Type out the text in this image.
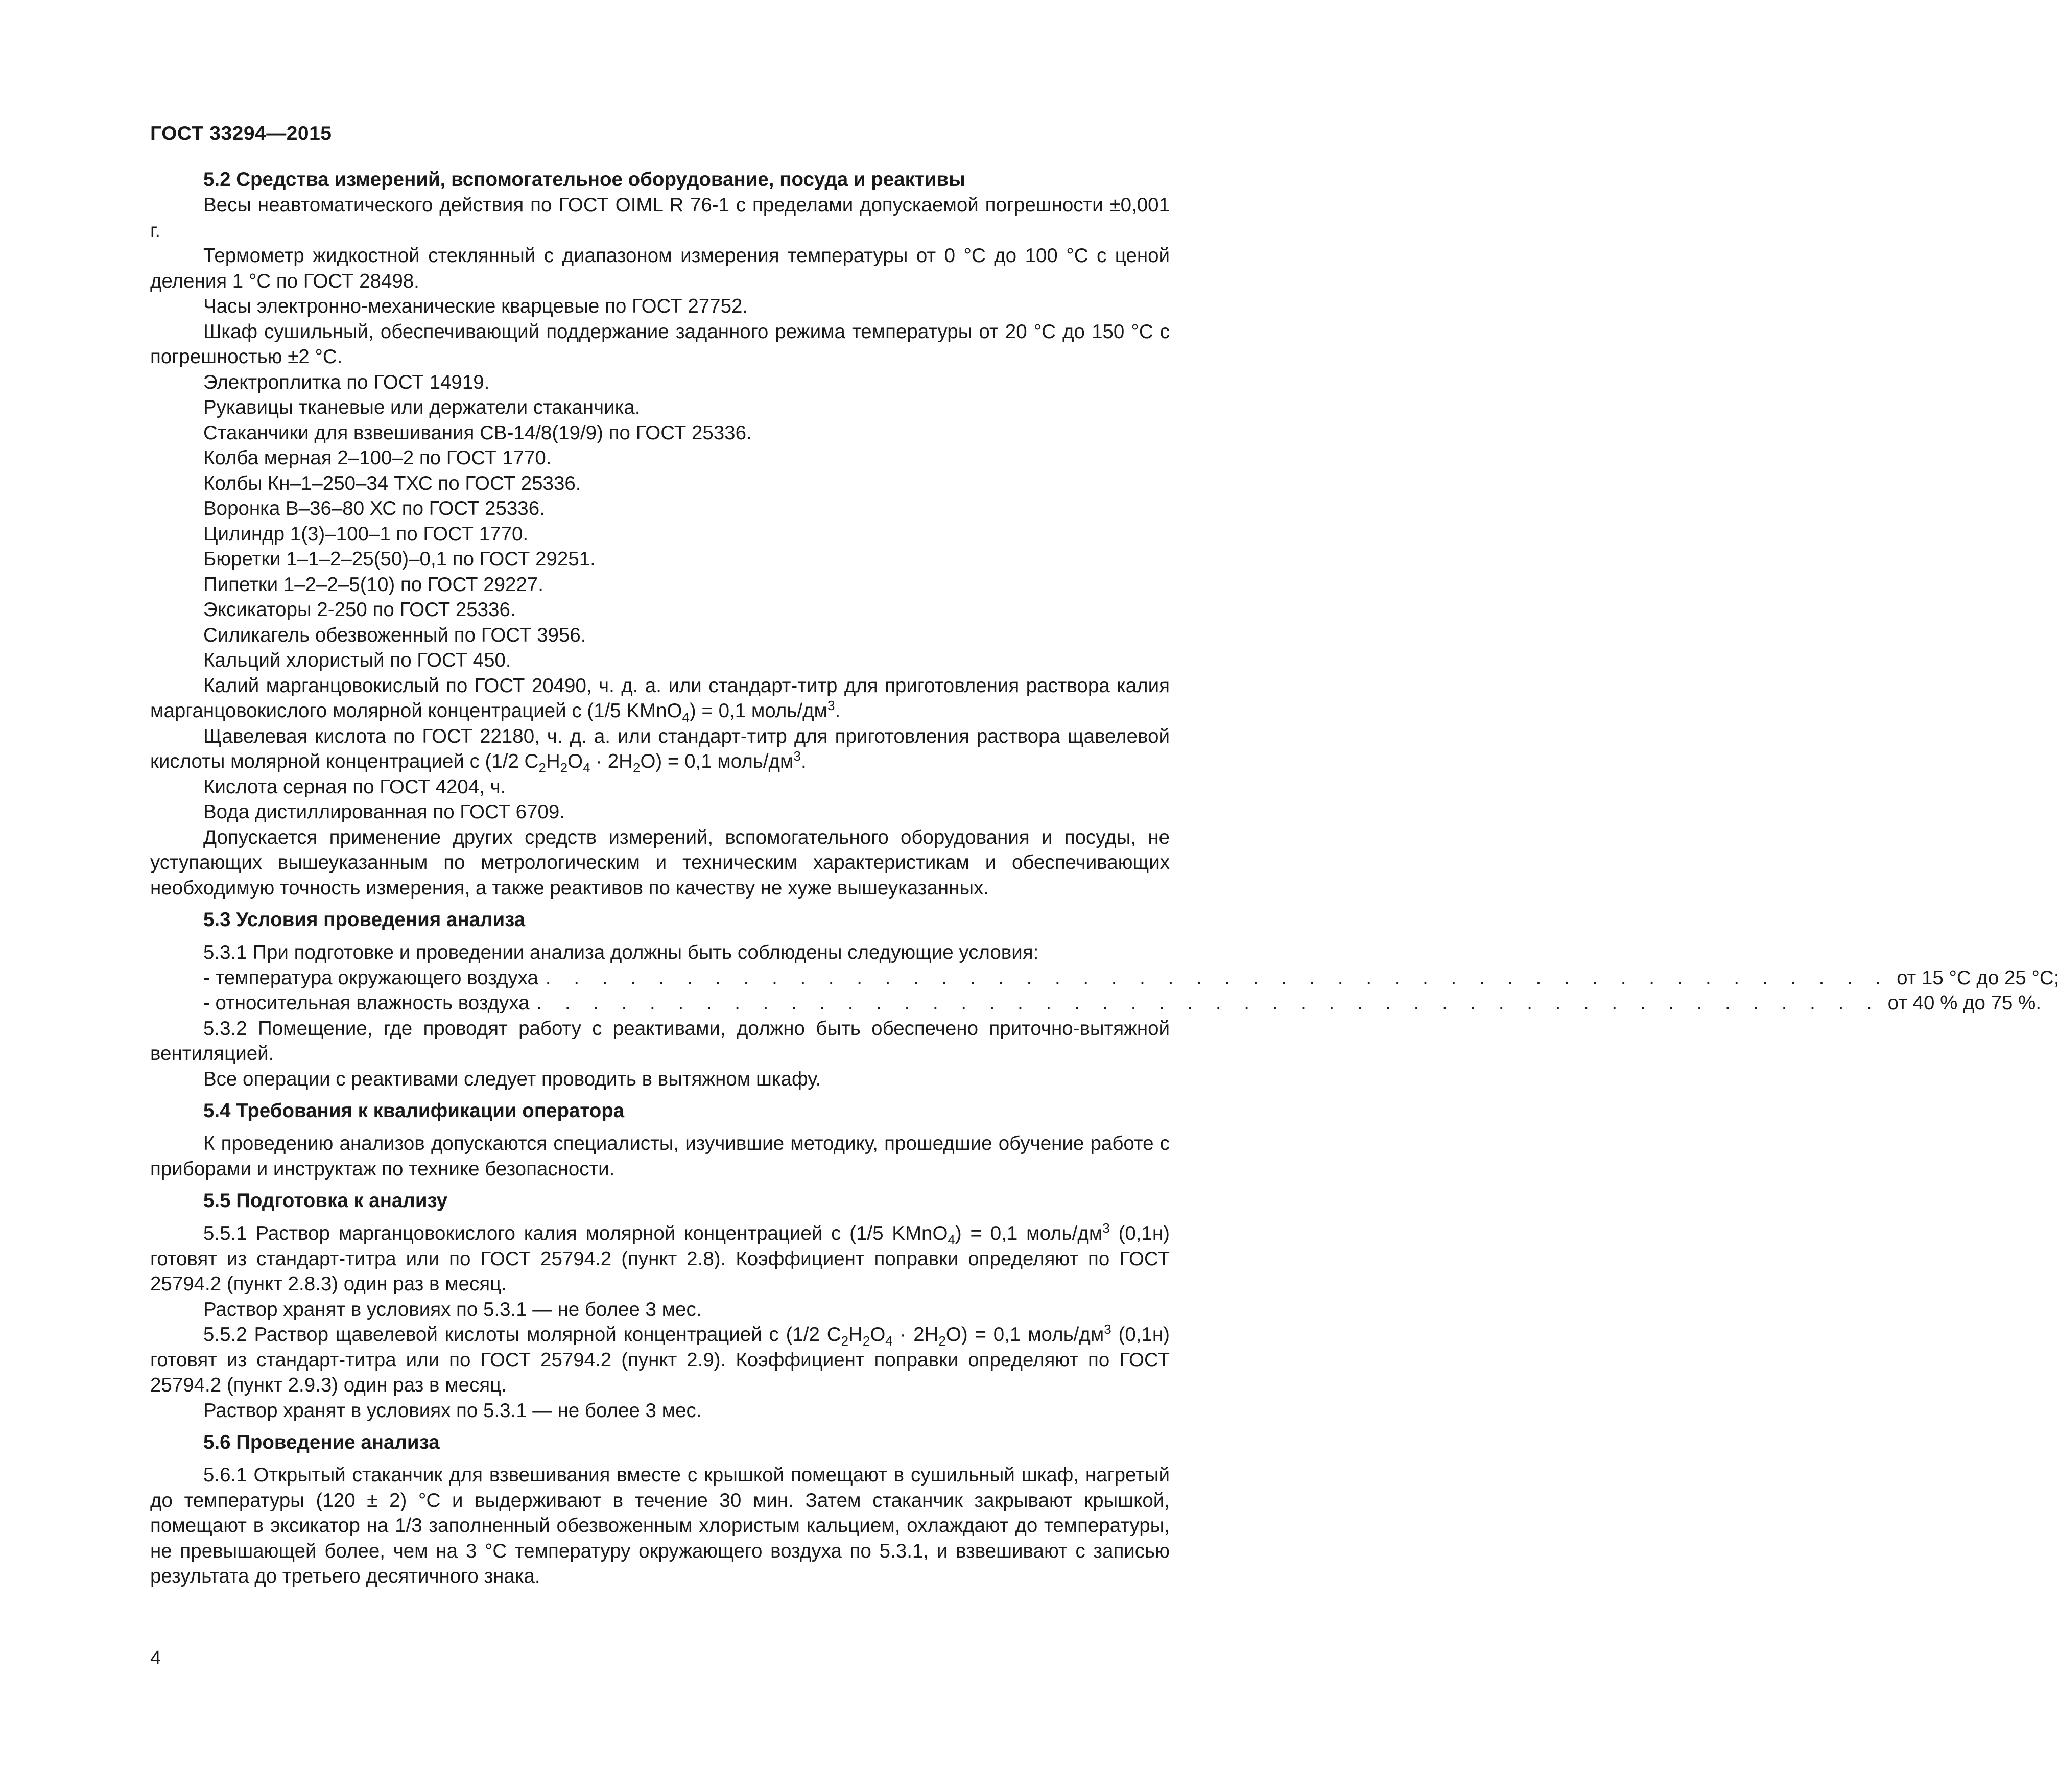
ГОСТ 33294—2015
5.2 Средства измерений, вспомогательное оборудование, посуда и реактивы

Весы неавтоматического действия по ГОСТ OIML R 76-1 с пределами допускаемой погрешности ±0,001 г.

Термометр жидкостной стеклянный с диапазоном измерения температуры от 0 °С до 100 °С с ценой деления 1 °С по ГОСТ 28498.

Часы электронно-механические кварцевые по ГОСТ 27752.

Шкаф сушильный, обеспечивающий поддержание заданного режима температуры от 20 °С до 150 °С с погрешностью ±2 °С.

Электроплитка по ГОСТ 14919.

Рукавицы тканевые или держатели стаканчика.

Стаканчики для взвешивания СВ-14/8(19/9) по ГОСТ 25336.

Колба мерная 2–100–2 по ГОСТ 1770.

Колбы Кн–1–250–34 ТХС по ГОСТ 25336.

Воронка В–36–80 ХС по ГОСТ 25336.

Цилиндр 1(3)–100–1 по ГОСТ 1770.

Бюретки 1–1–2–25(50)–0,1 по ГОСТ 29251.

Пипетки 1–2–2–5(10) по ГОСТ 29227.

Эксикаторы 2-250 по ГОСТ 25336.

Силикагель обезвоженный по ГОСТ 3956.

Кальций хлористый по ГОСТ 450.

Калий марганцовокислый по ГОСТ 20490, ч. д. а. или стандарт-титр для приготовления раствора калия марганцовокислого молярной концентрацией с (1/5 KMnO$_4$) = 0,1 моль/$дм^3$.

Щавелевая кислота по ГОСТ 22180, ч. д. а. или стандарт-титр для приготовления раствора щавелевой кислоты молярной концентрацией с (1/2 $C_2H_2O_4 \cdot 2H_2O) = 0,1$ моль/$дм^3$.

Кислота серная по ГОСТ 4204, ч.

Вода дистиллированная по ГОСТ 6709.

Допускается применение других средств измерений, вспомогательного оборудования и посуды, не уступающих вышеуказанным по метрологическим и техническим характеристикам и обеспечивающих необходимую точность измерения, а также реактивов по качеству не хуже вышеуказанных.

5.3 Условия проведения анализа

5.3.1 При подготовке и проведении анализа должны быть соблюдены следующие условия:

- температура окружающего воздуха . . . . . . . . . . . . . . . . . . . . . . . . . . . . . . . . . . . . . . . . . . . . . . . . от 15 °С до 25 °С;
- относительная влажность воздуха . . . . . . . . . . . . . . . . . . . . . . . . . . . . . . . . . . . . . . . . . . . . . . . . от 40 % до 75 %.

5.3.2 Помещение, где проводят работу с реактивами, должно быть обеспечено приточно-вытяжной вентиляцией.

Все операции с реактивами следует проводить в вытяжном шкафу.

5.4 Требования к квалификации оператора

К проведению анализов допускаются специалисты, изучившие методику, прошедшие обучение работе с приборами и инструктаж по технике безопасности.

5.5 Подготовка к анализу

5.5.1 Раствор марганцовокислого калия молярной концентрацией с (1/5 KMnO$_4$) = 0,1 моль/$дм^3$ (0,1н) готовят из стандарт-титра или по ГОСТ 25794.2 (пункт 2.8). Коэффициент поправки определяют по ГОСТ 25794.2 (пункт 2.8.3) один раз в месяц.

Раствор хранят в условиях по 5.3.1 — не более 3 мес.

5.5.2 Раствор щавелевой кислоты молярной концентрацией с (1/2 $C_2H_2O_4 \cdot 2H_2O) = 0,1$ моль/$дм^3$ (0,1н) готовят из стандарт-титра или по ГОСТ 25794.2 (пункт 2.9). Коэффициент поправки определяют по ГОСТ 25794.2 (пункт 2.9.3) один раз в месяц.

Раствор хранят в условиях по 5.3.1 — не более 3 мес.

5.6 Проведение анализа

5.6.1 Открытый стаканчик для взвешивания вместе с крышкой помещают в сушильный шкаф, нагретый до температуры (120 ± 2) °С и выдерживают в течение 30 мин. Затем стаканчик закрывают крышкой, помещают в эксикатор на 1/3 заполненный обезвоженным хлористым кальцием, охлаждают до температуры, не превышающей более, чем на 3 °С температуру окружающего воздуха по 5.3.1, и взвешивают с записью результата до третьего десятичного знака.

4
